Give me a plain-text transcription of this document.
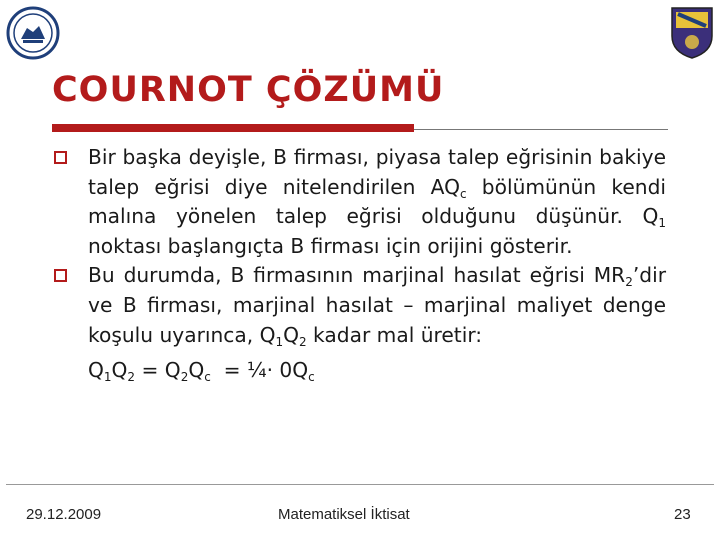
COURNOT ÇÖZÜMÜ

Bir başka deyişle, B firması, piyasa talep eğrisinin bakiye talep eğrisi diye nitelendirilen $AQ_c$ bölümünün kendi malına yönelen talep eğrisi olduğunu düşünür. $Q_1$ noktası başlangıçta B firması için orijini gösterir.

Bu durumda, B firmasının marjinal hasılat eğrisi $MR_2’dir$ ve B firması, marjinal hasılat – marjinal maliyet denge koşulu uyarınca, $Q_1Q_2$ kadar mal üretir:

$Q_1Q_2 = Q_2Q_c$  = ¼· $0Q_c$
29.12.2009	Matematiksel İktisat	23
